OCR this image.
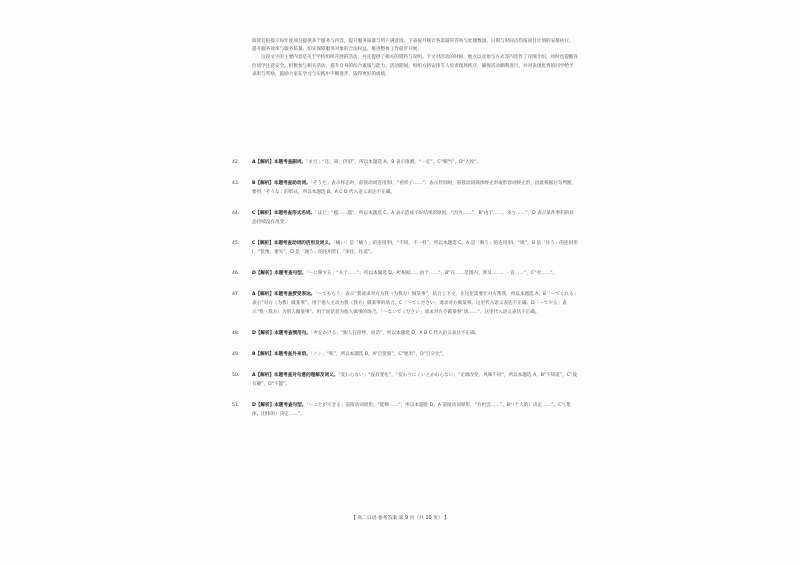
阅读官报提示每年度项目提供多个服务与内容，提升服务质量与用户满意度。下表按月统计各渠道的咨询与处理数量，日期与时间点均按项目计划的安排执行，提升服务效率与服务质量，切实保障服务对象的合法权益，推进整体工作稳步开展。

这段文字的主要内容是关于学校组织开展的活动，并且提供了相关的资料与说明。下文对活动的时间、地点以及参与方式等内容作了详细介绍，同时也提醒各位同学注意安全，积极参与相关活动，提升自身的综合素质与能力。活动期间，组织方将安排专人负责现场秩序，确保活动顺利进行，并对表现优秀的同学给予表彰与奖励，鼓励大家在学习与实践中不断进步，取得更好的成绩。

42.	A【解析】本题考查副词。「まだ」“还、尚、仍旧”，所以本题选 A。B 表示推测，“一定”。C“相当”，D“大致”。
43.	B【解析】本题考查助动词。「そうだ」表示样态时，前接动词连用形Ⅰ、“看样子……”；表示传闻时，前接动词简体终止形或形容词终止形，因此根据后句判断，要用「そうな」的形式，所以本题选 B。A C D 代入语义表达不正确。
44.	C【解析】本题考查形式名词。「ほど」“越……越”，所以本题选 C。A 表示造成不好结果的原因，“因为……”，B“由于……，多亏……”，D 表示某件事们的状态持续没有改变。
45.	C【解析】本题考查动词的活用及词义。「痛い」是「痛う」的连用形Ⅰ，“不同，不一样”，所以本题选 C。A 是「吸う」的连用形Ⅰ，“吸”。B 是「住う」的连用形Ⅰ，“犹豫、迷失”，D 是「通う」的连用形Ⅰ，“来往、往返”。
46.	D【解析】本题考查句型。「～に関する」“关于……”，所以本题选 D。A“根据……由于……”，B“在……范围内、涉及……、一直……”，C“对……”。
47.	A【解析】本题考查授受表达。「～てもらう」表示“我请求对方为我（为我方）做某事”，结合上下文，在这里需要让对方帮我，所以本题选 A。B「～てくれる」表示“对方（为我）做某事”。用于他人主动为我（我方）做某事的场合。C「～てください」请求对方做某事。这里代入语义表达不正确。D「～てやる」表示“我（我方）为别人做某事”。用于说话者为他人做事的场合。「～ないでください」请求对方不做某事“请……”，这里代入语义表达不正确。
48.	D【解析】本题考查惯用句。「声をかける」“跟人打招呼、说话”，所以本题选 D。A B C 代入语义表达不正确。
49.	B【解析】本题考查外来语。「ノン」“吨”，所以本题选 B。A“百货商”，C“厘米”，D“百分比”。
50.	A【解析】本题考查对句意的理解及词义。「変わらない」“没有变化”，「変わりにくいとかわらない」“无端改变、风味不同”，所以本题选 A。B“不知道”，C“没有趣”，D“不能”。
51.	D【解析】本题考查句型。「～ことができる」前接动词原形，“能够……”，所以本题选 D。A 前接动词原形，“有机会……”，B“（个人的）决定……”，C“（集体、团体的）决定……”。
【 高二日语·参考答案 第 9 页（共 10 页） 】
